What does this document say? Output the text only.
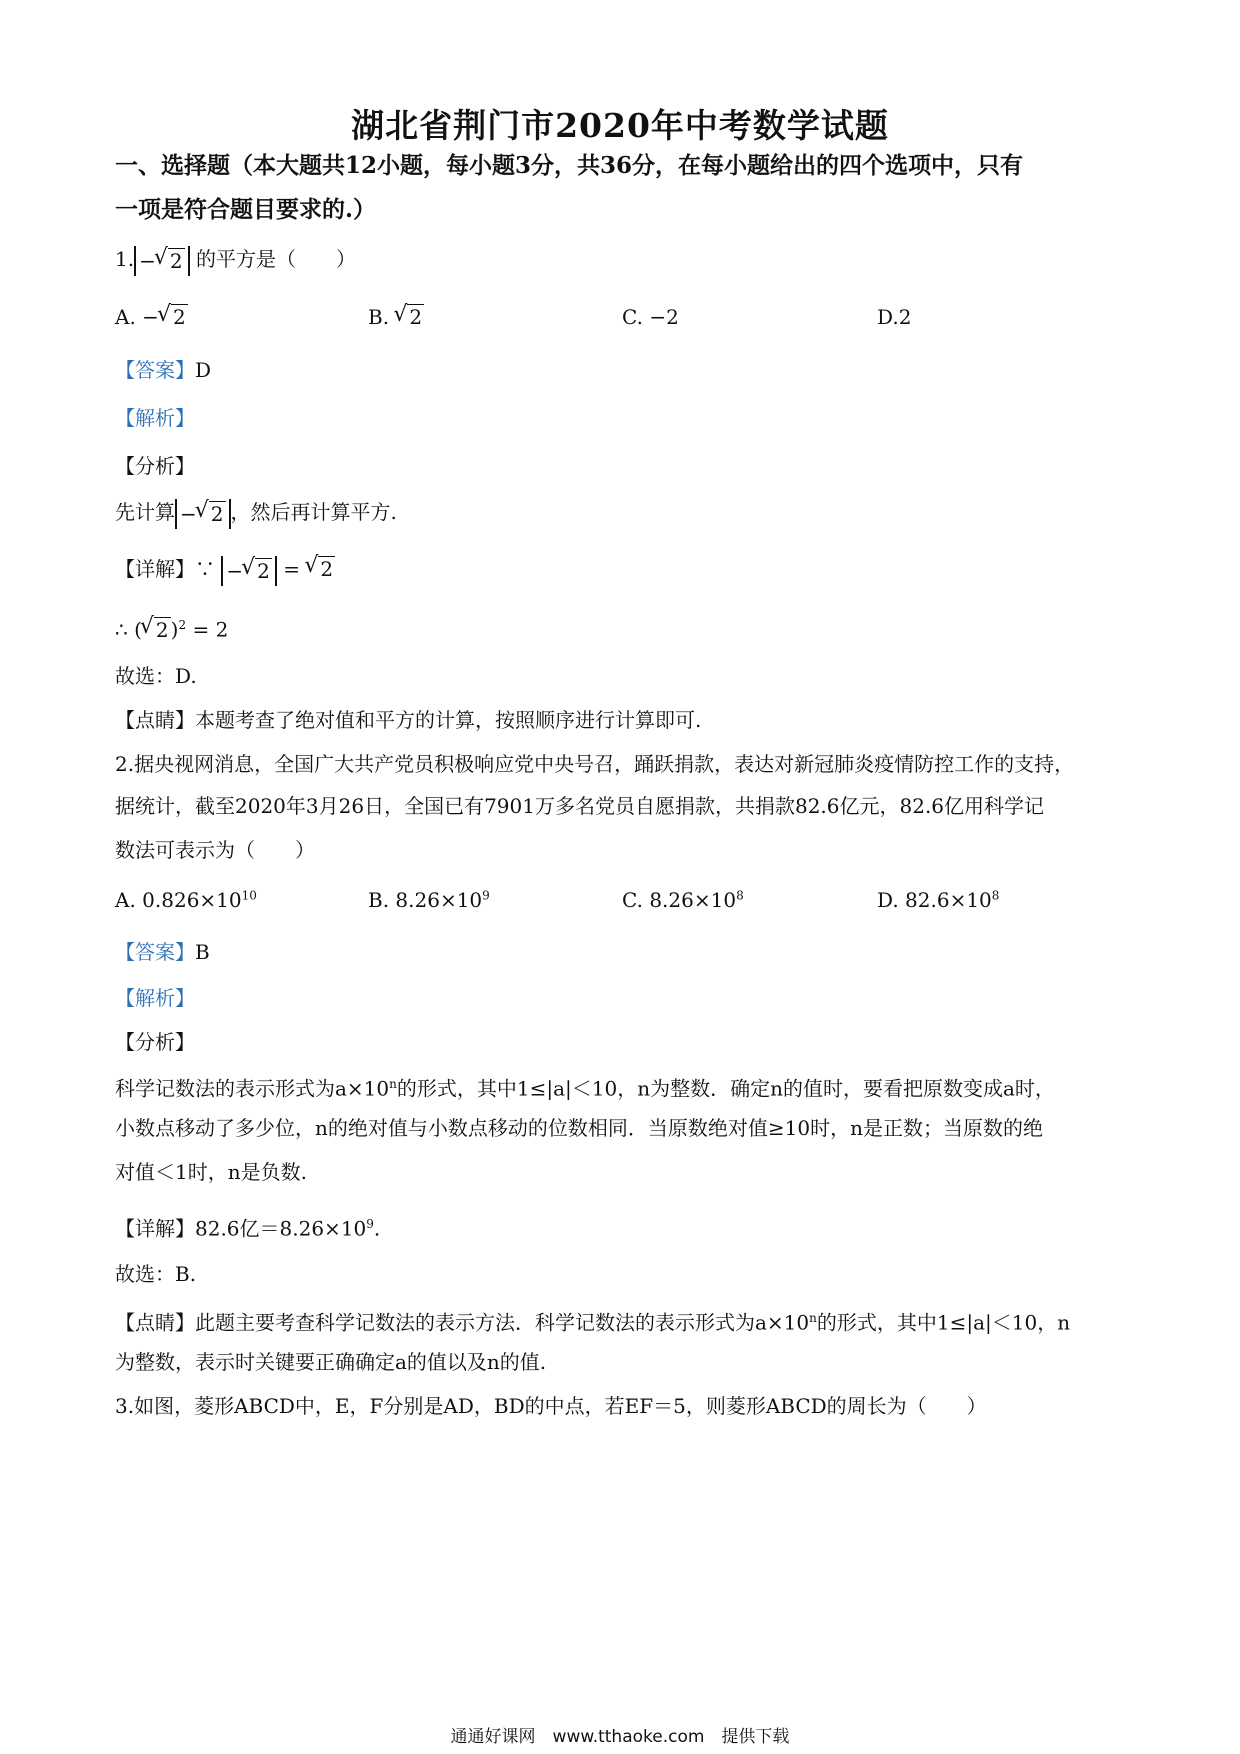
湖北省荆门市2020年中考数学试题
一、选择题（本大题共12小题，每小题3分，共36分，在每小题给出的四个选项中，只有
一项是符合题目要求的.）
1. − √ 2 的平方是（　　）
A. − √ 2	B. √ 2	C. −2	D.2
【答案】D
【解析】
【分析】
先计算 − √ 2 ，然后再计算平方.
【详解】∵ − √ 2 = √ 2
∴ ( √ 2 )$^2$ = 2
故选：D.
【点睛】本题考查了绝对值和平方的计算，按照顺序进行计算即可.
2.据央视网消息，全国广大共产党员积极响应党中央号召，踊跃捐款，表达对新冠肺炎疫情防控工作的支持，
据统计，截至2020年3月26日，全国已有7901万多名党员自愿捐款，共捐款82.6亿元，82.6亿用科学记
数法可表示为（　　）
A. $0.826\times 10^{10}$	B. $8.26\times 10^9$	C. $8.26\times 10^8$	D. $82.6\times 10^8$
【答案】B
【解析】
【分析】
科学记数法的表示形式为$a\times 10^n$的形式，其中1≤|a|＜10，n为整数．确定n的值时，要看把原数变成a时，
小数点移动了多少位，n的绝对值与小数点移动的位数相同．当原数绝对值≥10时，n是正数；当原数的绝
对值＜1时，n是负数.
【详解】82.6亿$=8.26\times 10^9$.
故选：B.
【点睛】此题主要考查科学记数法的表示方法．科学记数法的表示形式为$a\times 10^n$的形式，其中1≤|a|＜10，n
为整数，表示时关键要正确确定a的值以及n的值.
3.如图，菱形ABCD中，E，F分别是AD，BD的中点，若EF＝5，则菱形ABCD的周长为（　　）
通通好课网　www.tthaoke.com　提供下载
